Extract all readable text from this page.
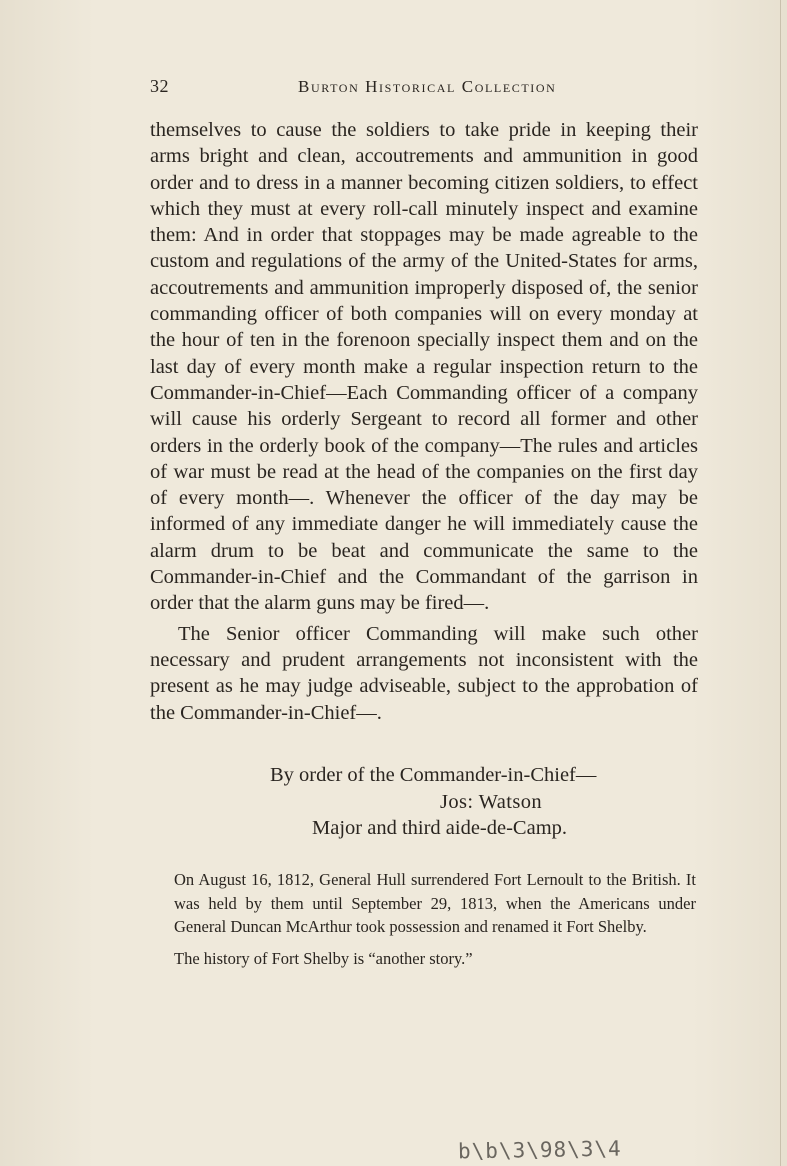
32	Burton Historical Collection

themselves to cause the soldiers to take pride in keeping their arms bright and clean, accoutrements and ammunition in good order and to dress in a manner becoming citizen soldiers, to effect which they must at every roll-call minutely inspect and examine them: And in order that stoppages may be made agreable to the custom and regulations of the army of the United-States for arms, accoutrements and ammunition improperly disposed of, the senior commanding officer of both companies will on every monday at the hour of ten in the forenoon specially inspect them and on the last day of every month make a regular inspection return to the Commander-in-Chief—Each Commanding officer of a company will cause his orderly Sergeant to record all former and other orders in the orderly book of the company—The rules and articles of war must be read at the head of the companies on the first day of every month—. Whenever the officer of the day may be informed of any immediate danger he will immediately cause the alarm drum to be beat and communicate the same to the Commander-in-Chief and the Commandant of the garrison in order that the alarm guns may be fired—.

The Senior officer Commanding will make such other necessary and prudent arrangements not inconsistent with the present as he may judge adviseable, subject to the approbation of the Commander-in-Chief—.

By order of the Commander-in-Chief—
Jos: Watson
Major and third aide-de-Camp.

On August 16, 1812, General Hull surrendered Fort Lernoult to the British. It was held by them until September 29, 1813, when the Americans under General Duncan McArthur took possession and renamed it Fort Shelby.

The history of Fort Shelby is “another story.”

b\b\3\98\3\4
